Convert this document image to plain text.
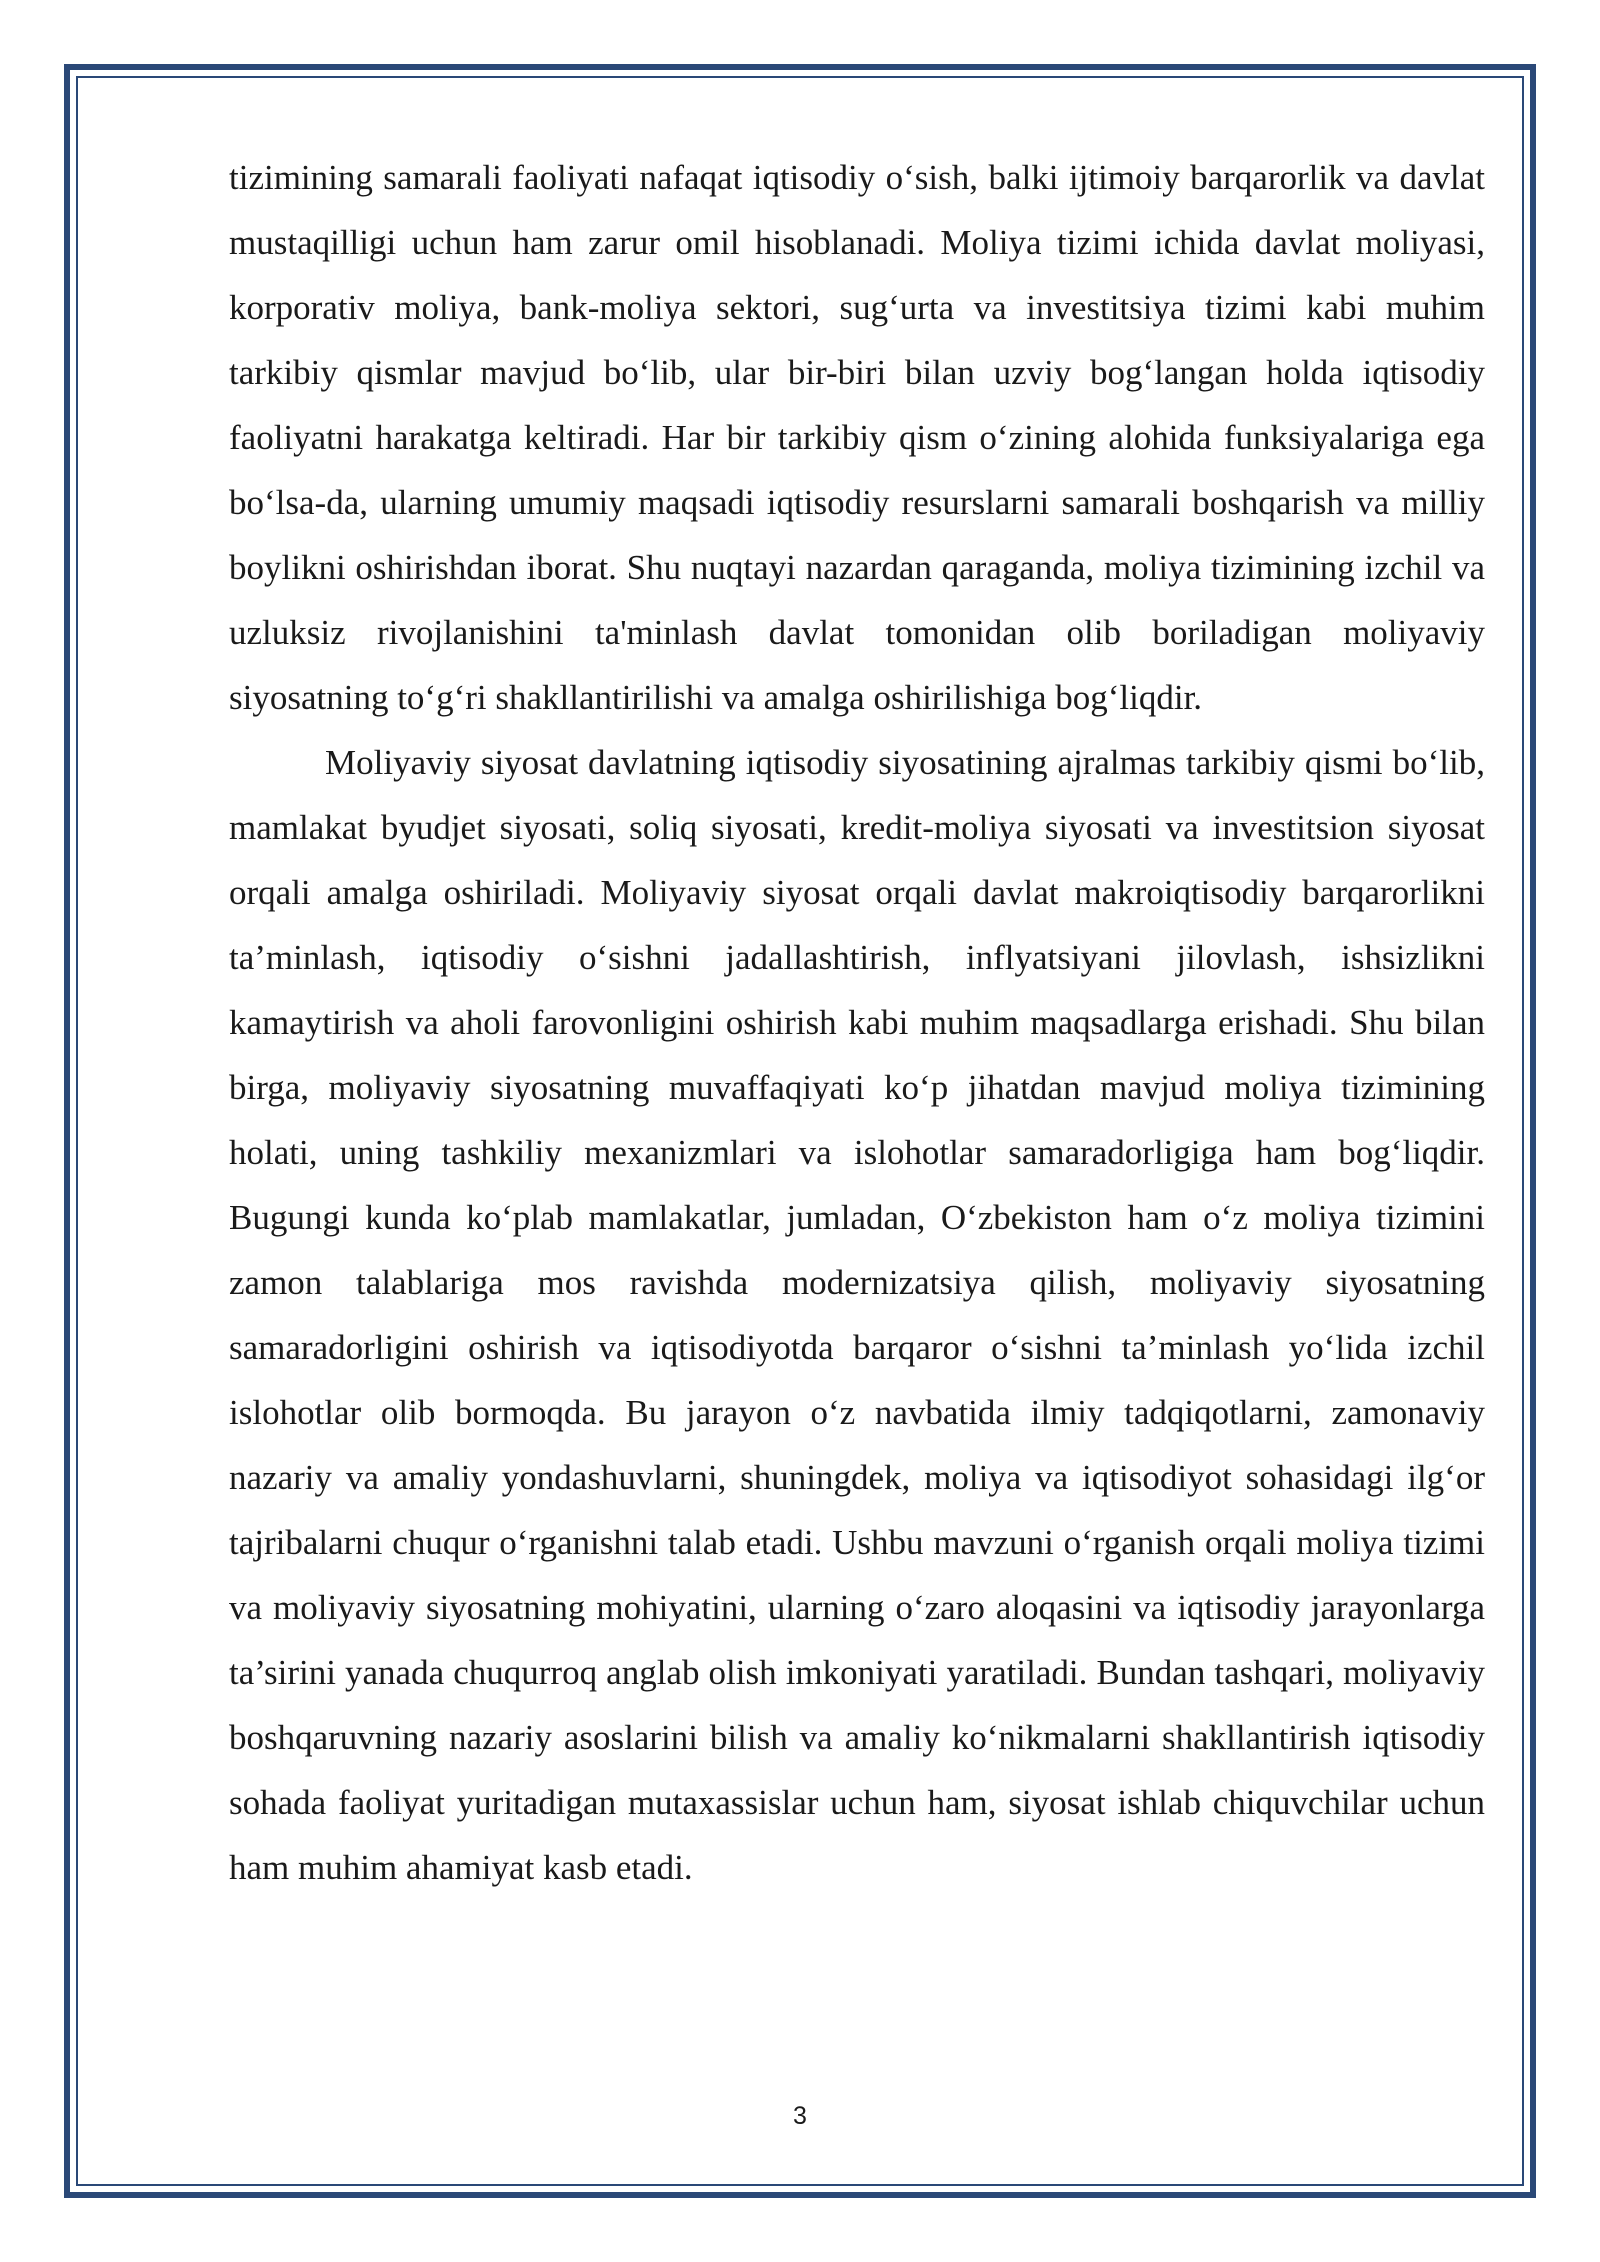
tizimining samarali faoliyati nafaqat iqtisodiy o‘sish, balki ijtimoiy barqarorlik va davlat mustaqilligi uchun ham zarur omil hisoblanadi. Moliya tizimi ichida davlat moliyasi, korporativ moliya, bank-moliya sektori, sug‘urta va investitsiya tizimi kabi muhim tarkibiy qismlar mavjud bo‘lib, ular bir-biri bilan uzviy bog‘langan holda iqtisodiy faoliyatni harakatga keltiradi. Har bir tarkibiy qism o‘zining alohida funksiyalariga ega bo‘lsa-da, ularning umumiy maqsadi iqtisodiy resurslarni samarali boshqarish va milliy boylikni oshirishdan iborat. Shu nuqtayi nazardan qaraganda, moliya tizimining izchil va uzluksiz rivojlanishini ta'minlash davlat tomonidan olib boriladigan moliyaviy siyosatning to‘g‘ri shakllantirilishi va amalga oshirilishiga bog‘liqdir.

Moliyaviy siyosat davlatning iqtisodiy siyosatining ajralmas tarkibiy qismi bo‘lib, mamlakat byudjet siyosati, soliq siyosati, kredit-moliya siyosati va investitsion siyosat orqali amalga oshiriladi. Moliyaviy siyosat orqali davlat makroiqtisodiy barqarorlikni ta’minlash, iqtisodiy o‘sishni jadallashtirish, inflyatsiyani jilovlash, ishsizlikni kamaytirish va aholi farovonligini oshirish kabi muhim maqsadlarga erishadi. Shu bilan birga, moliyaviy siyosatning muvaffaqiyati ko‘p jihatdan mavjud moliya tizimining holati, uning tashkiliy mexanizmlari va islohotlar samaradorligiga ham bog‘liqdir. Bugungi kunda ko‘plab mamlakatlar, jumladan, O‘zbekiston ham o‘z moliya tizimini zamon talablariga mos ravishda modernizatsiya qilish, moliyaviy siyosatning samaradorligini oshirish va iqtisodiyotda barqaror o‘sishni ta’minlash yo‘lida izchil islohotlar olib bormoqda. Bu jarayon o‘z navbatida ilmiy tadqiqotlarni, zamonaviy nazariy va amaliy yondashuvlarni, shuningdek, moliya va iqtisodiyot sohasidagi ilg‘or tajribalarni chuqur o‘rganishni talab etadi. Ushbu mavzuni o‘rganish orqali moliya tizimi va moliyaviy siyosatning mohiyatini, ularning o‘zaro aloqasini va iqtisodiy jarayonlarga ta’sirini yanada chuqurroq anglab olish imkoniyati yaratiladi. Bundan tashqari, moliyaviy boshqaruvning nazariy asoslarini bilish va amaliy ko‘nikmalarni shakllantirish iqtisodiy sohada faoliyat yuritadigan mutaxassislar uchun ham, siyosat ishlab chiquvchilar uchun ham muhim ahamiyat kasb etadi.

3
